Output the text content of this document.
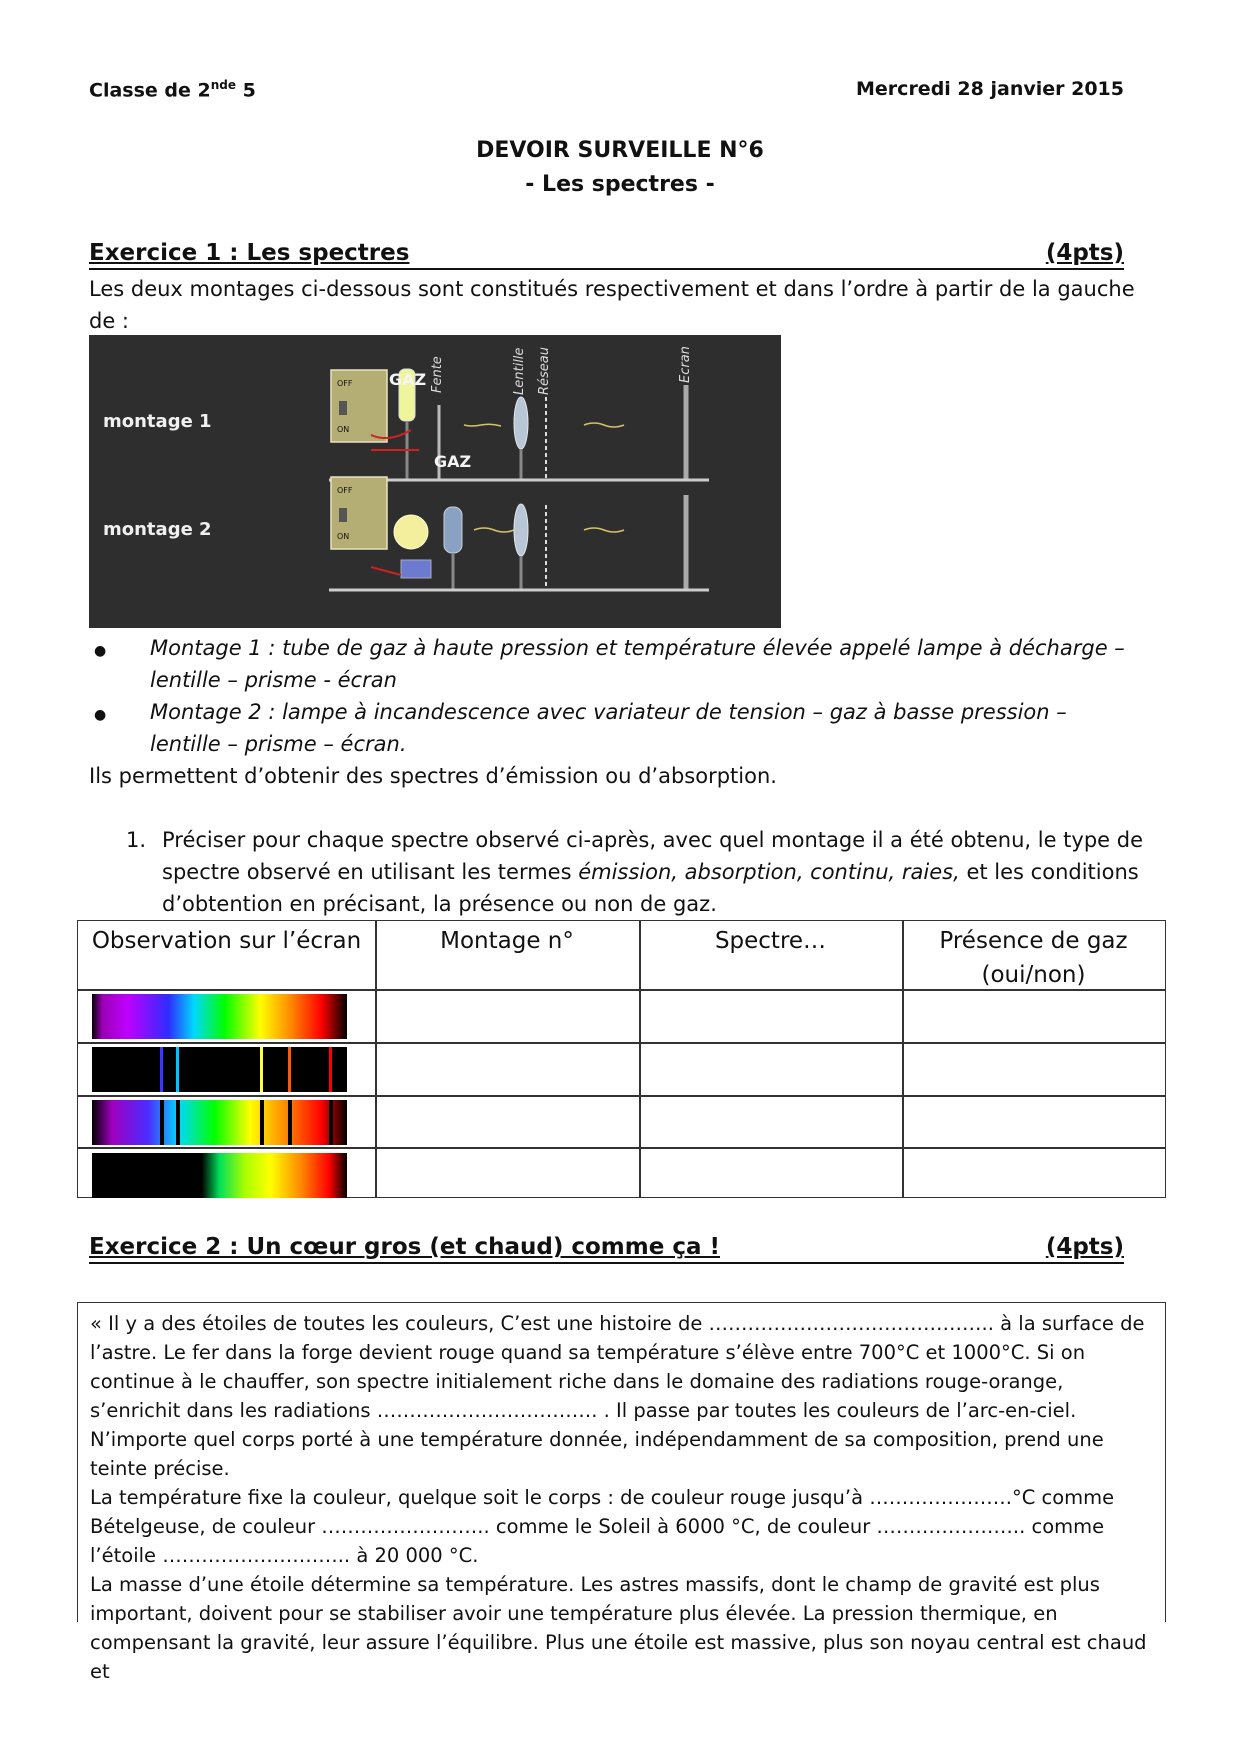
Classe de 2nde 5	Mercredi 28 janvier 2015
DEVOIR SURVEILLE N°6
- Les spectres -
Exercice 1 : Les spectres	(4pts)
Les deux montages ci-dessous sont constitués respectivement et dans l’ordre à partir de la gauche de :
montage 1
OFF
ON
GAZ Fente	Lentille Réseau	Ecran
montage 2
OFF
ON
GAZ
● Montage 1 : tube de gaz à haute pression et température élevée appelé lampe à décharge – lentille – prisme - écran
● Montage 2 : lampe à incandescence avec variateur de tension – gaz à basse pression – lentille – prisme – écran.
Ils permettent d’obtenir des spectres d’émission ou d’absorption.
1. Préciser pour chaque spectre observé ci-après, avec quel montage il a été obtenu, le type de spectre observé en utilisant les termes émission, absorption, continu, raies, et les conditions d’obtention en précisant, la présence ou non de gaz.
Observation sur l’écran	Montage n°	Spectre…	Présence de gaz (oui/non)
Exercice 2 : Un cœur gros (et chaud) comme ça !	(4pts)

« Il y a des étoiles de toutes les couleurs, C’est une histoire de …………………………………….. à la surface de l’astre. Le fer dans la forge devient rouge quand sa température s’élève entre 700°C et 1000°C. Si on continue à le chauffer, son spectre initialement riche dans le domaine des radiations rouge-orange, s’enrichit dans les radiations ……………………………. . Il passe par toutes les couleurs de l’arc-en-ciel. N’importe quel corps porté à une température donnée, indépendamment de sa composition, prend une teinte précise.

La température fixe la couleur, quelque soit le corps : de couleur rouge jusqu’à ………………….°C comme Bételgeuse, de couleur …………………….. comme le Soleil à 6000 °C, de couleur ………………….. comme l’étoile ……………………….. à 20 000 °C.

La masse d’une étoile détermine sa température. Les astres massifs, dont le champ de gravité est plus important, doivent pour se stabiliser avoir une température plus élevée. La pression thermique, en compensant la gravité, leur assure l’équilibre. Plus une étoile est massive, plus son noyau central est chaud et
